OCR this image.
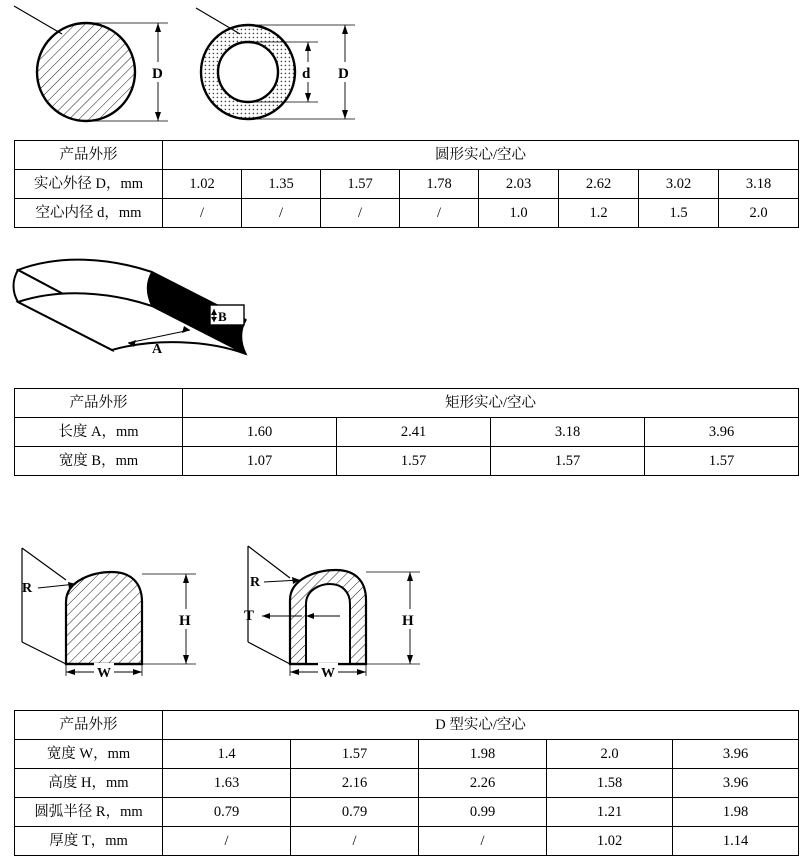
D	d D
产品外形	圆形实心/空心							
实心外径 D，mm	1.02	1.35	1.57	1.78	2.03	2.62	3.02	3.18
空心内径 d，mm	/	/	/	/	1.0	1.2	1.5	2.0
B
A
产品外形	矩形实心/空心			
长度 A，mm	1.60	2.41	3.18	3.96
宽度 B，mm	1.07	1.57	1.57	1.57
R
H
W
R
T	H
W
产品外形	D 型实心/空心				
宽度 W，mm	1.4	1.57	1.98	2.0	3.96
高度 H，mm	1.63	2.16	2.26	1.58	3.96
圆弧半径 R，mm	0.79	0.79	0.99	1.21	1.98
厚度 T，mm	/	/	/	1.02	1.14
